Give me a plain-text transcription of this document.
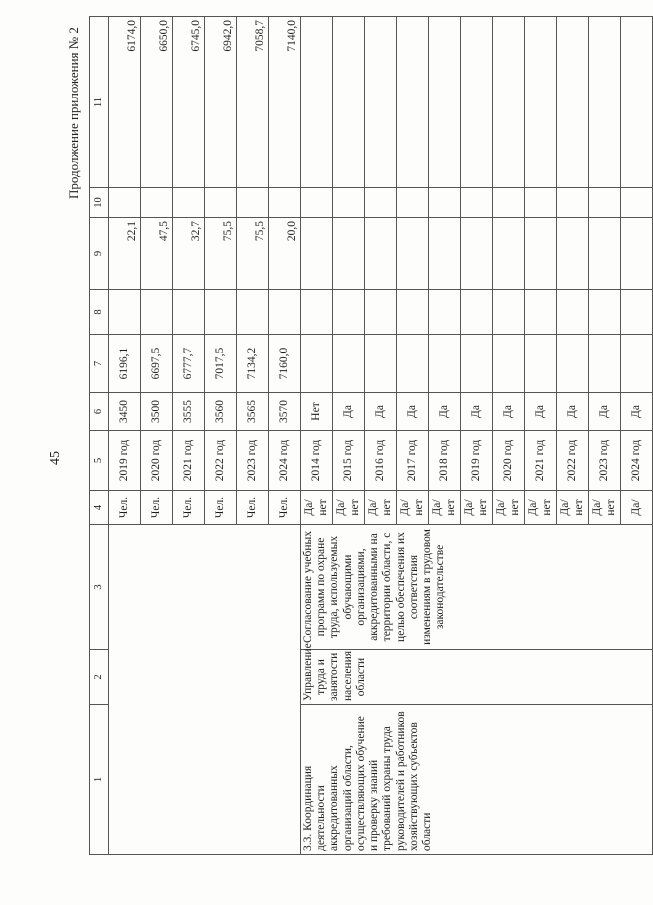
45
Продолжение приложения № 2
1	2	3	4	5	6	7	8	9	10	11
			Чел.	2019 год	3450	6196,1		22,1		6174,0
			Чел.	2020 год	3500	6697,5		47,5		6650,0
			Чел.	2021 год	3555	6777,7		32,7		6745,0
			Чел.	2022 год	3560	7017,5		75,5		6942,0
			Чел.	2023 год	3565	7134,2		75,5		7058,7
			Чел.	2024 год	3570	7160,0		20,0		7140,0
3.3. Координация деятельности аккредитованных организаций области, осуществляющих обучение и проверку знаний требований охраны труда руководителей и работников хозяйствующих субъектов области	Управление труда и занятости населения области	Согласование учебных программ по охране труда, используемых обучающими организациями, аккредитованными на территории области, с целью обеспечения их соответствия изменениям в трудовом законодательстве	Да/ нет	2014 год	Нет					
			Да/ нет	2015 год	Да					
			Да/ нет	2016 год	Да					
			Да/ нет	2017 год	Да					
			Да/ нет	2018 год	Да					
			Да/ нет	2019 год	Да					
			Да/ нет	2020 год	Да					
			Да/ нет	2021 год	Да					
			Да/ нет	2022 год	Да					
			Да/ нет	2023 год	Да					
			Да/	2024 год	Да					
